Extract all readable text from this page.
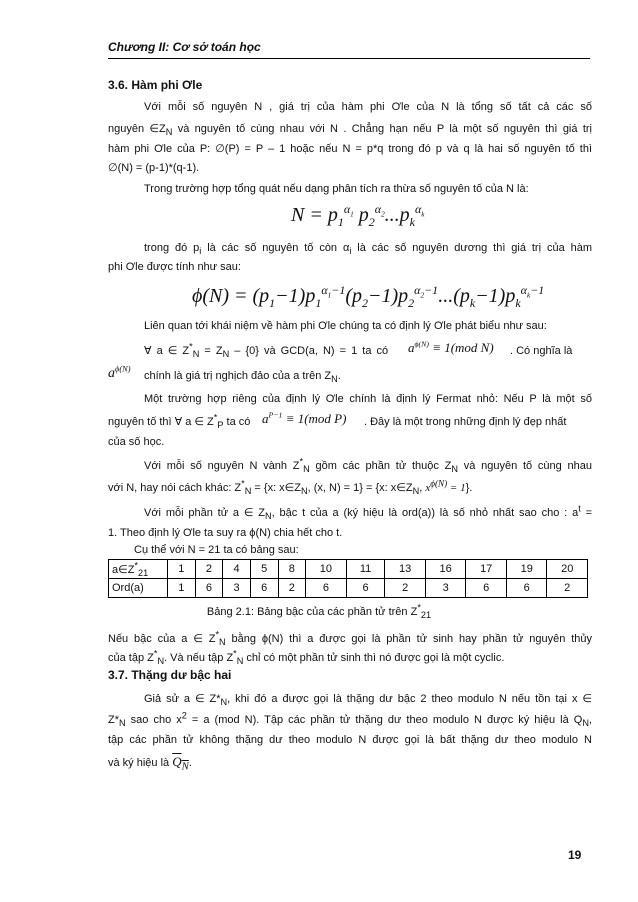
Chương II: Cơ sở toán học
3.6. Hàm phi Ơle
Với mỗi số nguyên N , giá trị của hàm phi Ơle của N là tổng số tất cả các số
nguyên $\in Z_N$ và nguyên tố cùng nhau với N . Chẳng hạn nếu P là một số nguyên thì giá trị
hàm phi Ơle của P: ∅(P) = P – 1 hoặc nếu N = p*q trong đó p và q là hai số nguyên tố thì
∅(N) = (p-1)*(q-1).
Trong trường hợp tổng quát nếu dạng phân tích ra thừa số nguyên tố của N là:
$N = p_1^{\alpha_1}$ $p_2^{\alpha_2}...p_k^{\alpha_k}$
trong đó $p_i$ là các số nguyên tố còn $\alpha_i$ là các số nguyên dương thì giá trị của hàm
phi Ơle được tính như sau:
$\phi(N) = (p_1-1)p_1^{\alpha_1-1}(p_2-1)p_2^{\alpha_2-1}...(p_k-1)p_k^{\alpha_k-1}$
Liên quan tới khái niệm về hàm phi Ơle chúng ta có định lý Ơle phát biểu như sau:
∀ a ∈ $Z^*_N = Z_N - \{0\}$ và GCD(a, N) = 1 ta có	$a^{\phi(N)} \equiv 1(mod$ N) . Có nghĩa là
$a^{\phi(N)}$
chính là giá trị nghịch đảo của a trên $Z_N$.
Một trường hợp riêng của định lý Ơle chính là định lý Fermat nhỏ: Nếu P là một số
nguyên tố thì ∀ a ∈ $Z^*_P$ ta có $a^{P-1} \equiv 1(mod$ P) . Đây là một trong những định lý đẹp nhất
của số học.
Với mỗi số nguyên N vành $Z^*_N$ gồm các phần tử thuộc $Z_N$ và nguyên tố cùng nhau
với N, hay nói cách khác: $Z^*_N = \{x$: $x\in Z_N$, (x, N) = 1} = {x: $x\in Z_N$, $x^{\phi(N)} = 1$}.
Với mỗi phần tử a ∈ $Z_N$, bậc t của a (ký hiệu là ord(a)) là số nhỏ nhất sao cho : $a^t$ =
1. Theo định lý Ơle ta suy ra ϕ(N) chia hết cho t.
Cụ thể với N = 21 ta có bảng sau:
$a\in Z^*_{21}$	1	2	4	5	8	10	11	13	16	17	19	20
Ord(a)	1	6	3	6	2	6	6	2	3	6	6	2
Bảng 2.1: Bảng bậc của các phần tử trên $Z^*_{21}$
Nếu bậc của a ∈ $Z^*_N$ bằng ϕ(N) thì a được gọi là phần tử sinh hay phần tử nguyên thủy
của tập $Z^*_N$. Và nếu tập $Z^*_N$ chỉ có một phần tử sinh thì nó được gọi là một cyclic.
3.7. Thặng dư bậc hai
Giả sử a ∈ $Z*_N$, khi đó a được gọi là thặng dư bậc 2 theo modulo N nếu tồn tại x ∈
$Z*_N$ sao cho $x^2 = a$ (mod N). Tập các phần tử thặng dư theo modulo N được ký hiệu là $Q_N$,
tập các phần tử không thặng dư theo modulo N được gọi là bất thặng dư theo modulo N
và ký hiệu là $Q_N$.
19
